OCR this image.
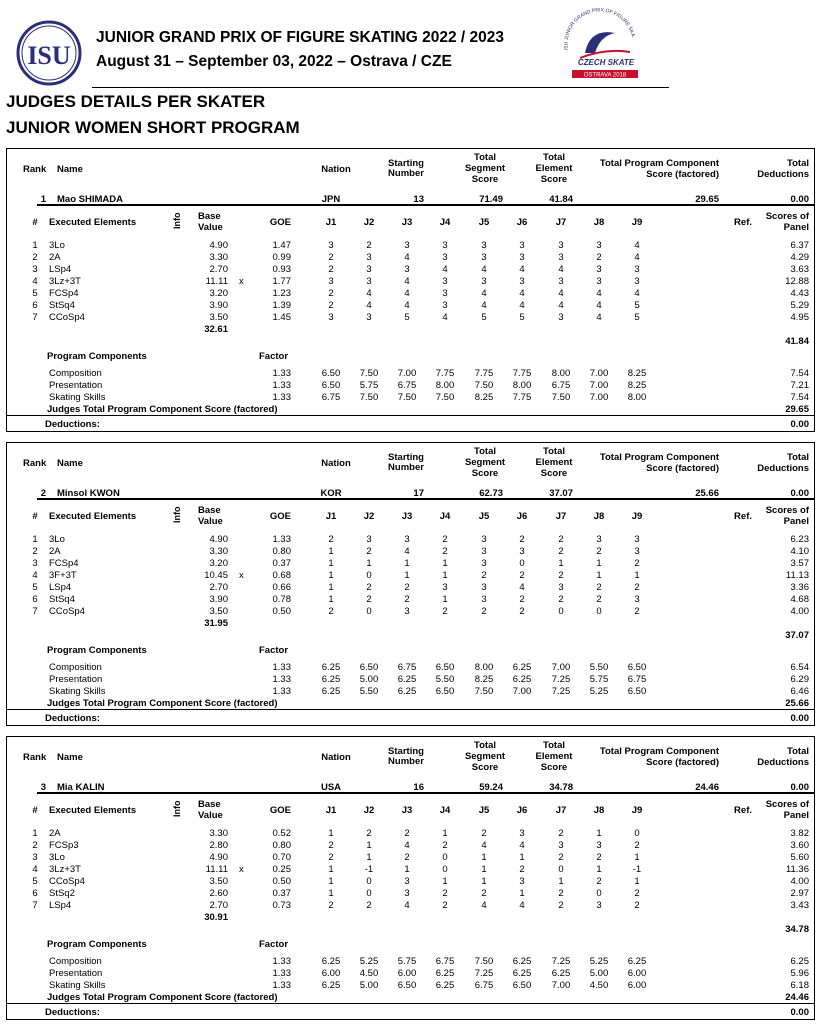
ISU
JUNIOR GRAND PRIX OF FIGURE SKATING 2022 / 2023
August 31 – September 03, 2022 – Ostrava / CZE
ISU JUNIOR GRAND PRIX OF FIGURE SKA
CZECH SKATE
OSTRAVA 2018
JUDGES DETAILS PER SKATER
JUNIOR WOMEN SHORT PROGRAM
Rank Name	Nation
Starting
Number
Total
Segment
Score
Total
Element
Score
Total Program Component
Score (factored)
Total
Deductions
1 Mao SHIMADA	JPN	13	71.49	41.84	29.65	0.00
# Executed Elements	Info Base
Value	GOE	J1	J2	J3	J4	J5	J6	J7	J8	J9	Ref.
Scores of
Panel
1 3Lo	4.90	1.47	3	2	3	3	3	3	3	3	4	6.37
2 2A	3.30	0.99	2	3	4	3	3	3	3	2	4	4.29
3 LSp4	2.70	0.93	2	3	3	4	4	4	4	3	3	3.63
4 3Lz+3T	11.11 x	1.77	3	3	4	3	3	3	3	3	3	12.88
5 FCSp4	3.20	1.23	2	4	4	3	4	4	4	4	4	4.43
6 StSq4	3.90	1.39	2	4	4	3	4	4	4	4	5	5.29
7 CCoSp4	3.50	1.45	3	3	5	4	5	5	3	4	5	4.95
32.61
41.84
Program Components	Factor
Composition	1.33	6.50 7.50 7.00 7.75 7.75 7.75 8.00 7.00 8.25	7.54
Presentation	1.33	6.50 5.75 6.75 8.00 7.50 8.00 6.75 7.00 8.25	7.21
Skating Skills	1.33	6.75 7.50 7.50 7.50 8.25 7.75 7.50 7.00 8.00	7.54
Judges Total Program Component Score (factored)	29.65
Deductions:	0.00
Rank Name	Nation
Starting
Number
Total
Segment
Score
Total
Element
Score
Total Program Component
Score (factored)
Total
Deductions
2 Minsol KWON	KOR	17	62.73	37.07	25.66	0.00
# Executed Elements	Info Base
Value	GOE	J1	J2	J3	J4	J5	J6	J7	J8	J9	Ref.
Scores of
Panel
1 3Lo	4.90	1.33	2	3	3	2	3	2	2	3	3	6.23
2 2A	3.30	0.80	1	2	4	2	3	3	2	2	3	4.10
3 FCSp4	3.20	0.37	1	1	1	1	3	0	1	1	2	3.57
4 3F+3T	10.45 x	0.68	1	0	1	1	2	2	2	1	1	11.13
5 LSp4	2.70	0.66	1	2	2	3	3	4	3	2	2	3.36
6 StSq4	3.90	0.78	1	2	2	1	3	2	2	2	3	4.68
7 CCoSp4	3.50	0.50	2	0	3	2	2	2	0	0	2	4.00
31.95
37.07
Program Components	Factor
Composition	1.33	6.25 6.50 6.75 6.50 8.00 6.25 7.00 5.50 6.50	6.54
Presentation	1.33	6.25 5.00 6.25 5.50 8.25 6.25 7.25 5.75 6.75	6.29
Skating Skills	1.33	6.25 5.50 6.25 6.50 7.50 7.00 7.25 5.25 6.50	6.46
Judges Total Program Component Score (factored)	25.66
Deductions:	0.00
Rank Name	Nation
Starting
Number
Total
Segment
Score
Total
Element
Score
Total Program Component
Score (factored)
Total
Deductions
3 Mia KALIN	USA	16	59.24	34.78	24.46	0.00
# Executed Elements	Info Base
Value	GOE	J1	J2	J3	J4	J5	J6	J7	J8	J9	Ref.
Scores of
Panel
1 2A	3.30	0.52	1	2	2	1	2	3	2	1	0	3.82
2 FCSp3	2.80	0.80	2	1	4	2	4	4	3	3	2	3.60
3 3Lo	4.90	0.70	2	1	2	0	1	1	2	2	1	5.60
4 3Lz+3T	11.11 x	0.25	1	-1	1	0	1	2	0	1	-1	11.36
5 CCoSp4	3.50	0.50	1	0	3	1	1	3	1	2	1	4.00
6 StSq2	2.60	0.37	1	0	3	2	2	1	2	0	2	2.97
7 LSp4	2.70	0.73	2	2	4	2	4	4	2	3	2	3.43
30.91
34.78
Program Components	Factor
Composition	1.33	6.25 5.25 5.75 6.75 7.50 6.25 7.25 5.25 6.25	6.25
Presentation	1.33	6.00 4.50 6.00 6.25 7.25 6.25 6.25 5.00 6.00	5.96
Skating Skills	1.33	6.25 5.00 6.50 6.25 6.75 6.50 7.00 4.50 6.00	6.18
Judges Total Program Component Score (factored)	24.46
Deductions:	0.00
